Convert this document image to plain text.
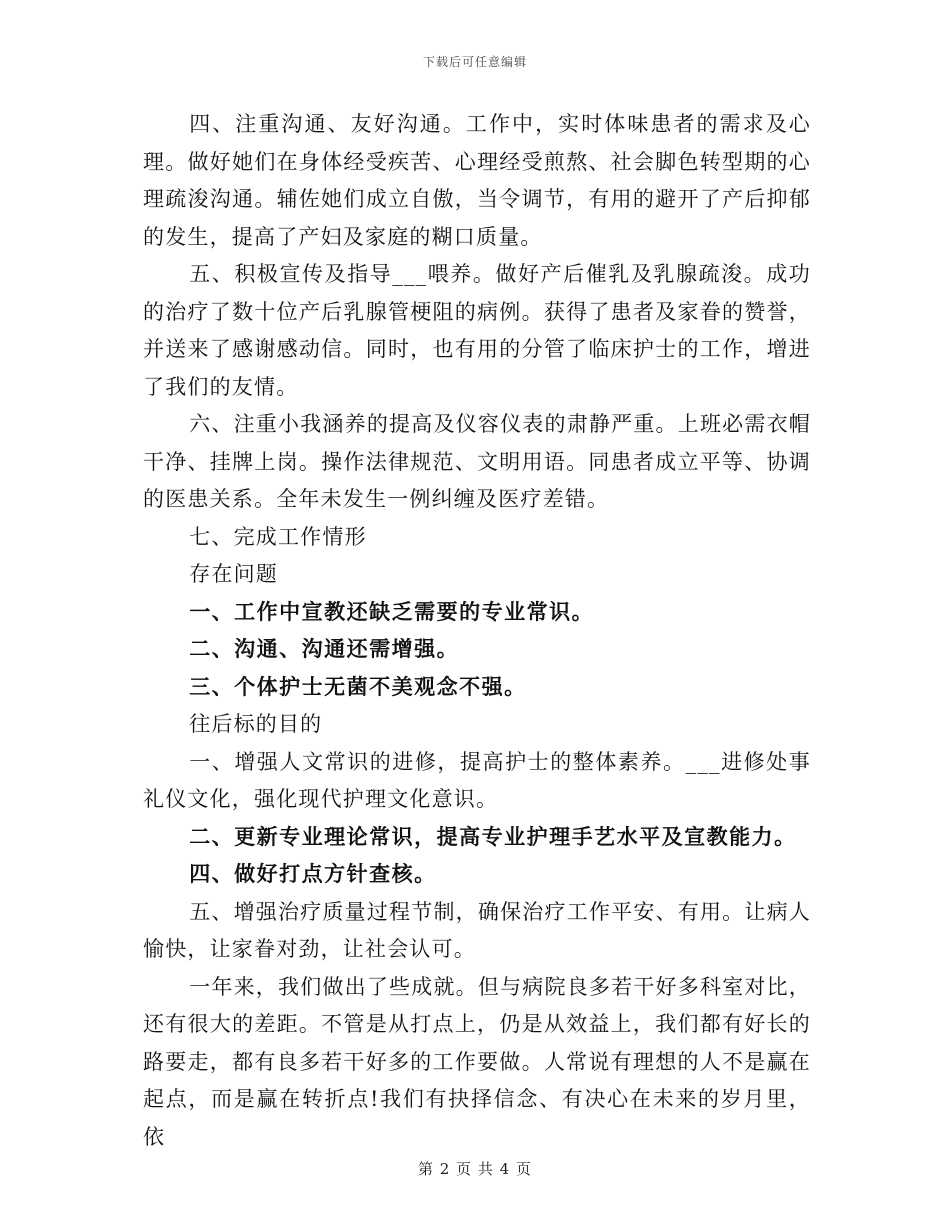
下载后可任意编辑

四、注重沟通、友好沟通。工作中，实时体味患者的需求及心理。做好她们在身体经受疾苦、心理经受煎熬、社会脚色转型期的心理疏浚沟通。辅佐她们成立自傲，当令调节，有用的避开了产后抑郁的发生，提高了产妇及家庭的糊口质量。

五、积极宣传及指导___喂养。做好产后催乳及乳腺疏浚。成功的治疗了数十位产后乳腺管梗阻的病例。获得了患者及家眷的赞誉，并送来了感谢感动信。同时，也有用的分管了临床护士的工作，增进了我们的友情。

六、注重小我涵养的提高及仪容仪表的肃静严重。上班必需衣帽干净、挂牌上岗。操作法律规范、文明用语。同患者成立平等、协调的医患关系。全年未发生一例纠缠及医疗差错。

七、完成工作情形

存在问题

一、工作中宣教还缺乏需要的专业常识。

二、沟通、沟通还需增强。

三、个体护士无菌不美观念不强。

往后标的目的

一、增强人文常识的进修，提高护士的整体素养。___进修处事礼仪文化，强化现代护理文化意识。

二、更新专业理论常识，提高专业护理手艺水平及宣教能力。

四、做好打点方针查核。

五、增强治疗质量过程节制，确保治疗工作平安、有用。让病人愉快，让家眷对劲，让社会认可。

一年来，我们做出了些成就。但与病院良多若干好多科室对比，还有很大的差距。不管是从打点上，仍是从效益上，我们都有好长的路要走，都有良多若干好多的工作要做。人常说有理想的人不是赢在起点，而是赢在转折点!我们有抉择信念、有决心在未来的岁月里，依

第 2 页 共 4 页
